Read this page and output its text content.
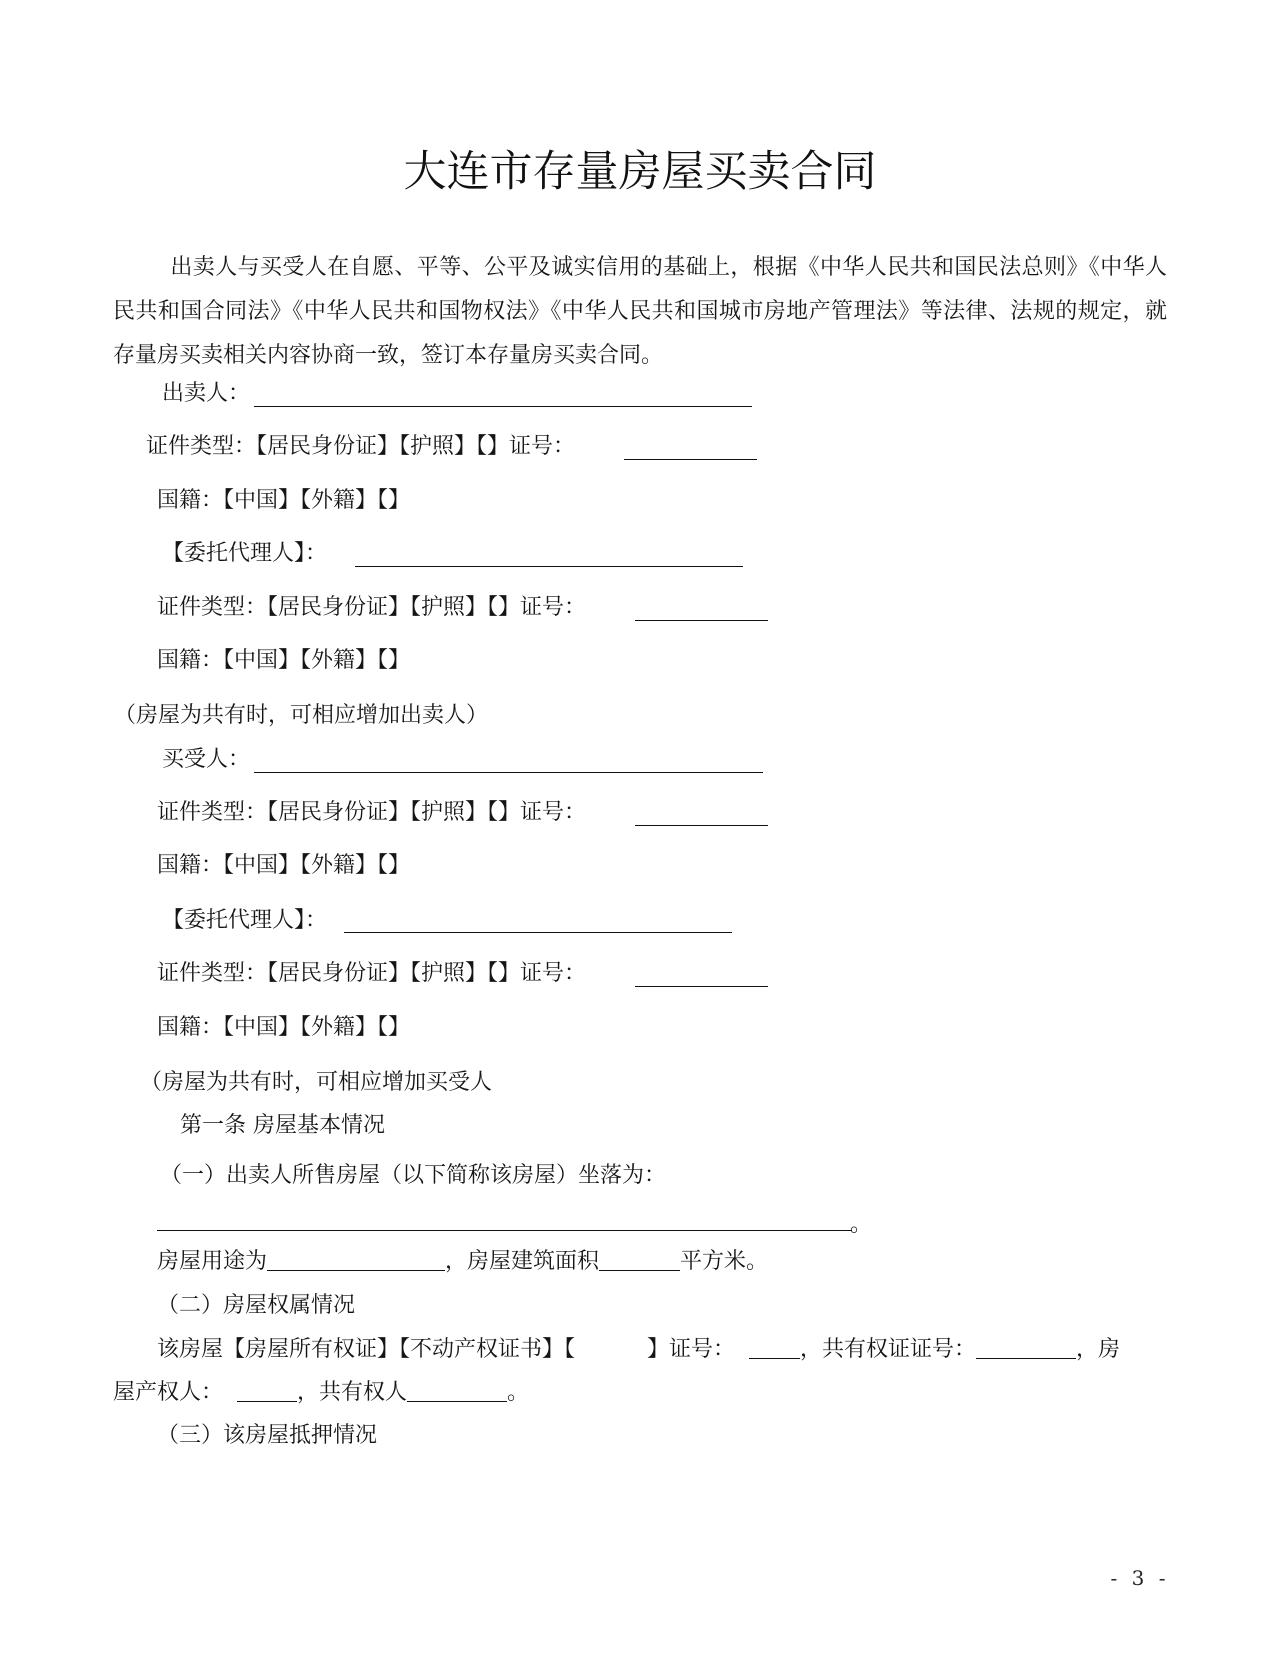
大连市存量房屋买卖合同
出卖人与买受人在自愿、平等、公平及诚实信用的基础上，根据《中华人民共和国民法总则》《中华人民共和国合同法》《中华人民共和国物权法》《中华人民共和国城市房地产管理法》等法律、法规的规定，就存量房买卖相关内容协商一致，签订本存量房买卖合同。
出卖人：
证件类型：【居民身份证】【护照】【】证号：
国籍：【中国】【外籍】【】
【委托代理人】：
证件类型：【居民身份证】【护照】【】证号：
国籍：【中国】【外籍】【】
（房屋为共有时，可相应增加出卖人）
买受人：
证件类型：【居民身份证】【护照】【】证号：
国籍：【中国】【外籍】【】
【委托代理人】：
证件类型：【居民身份证】【护照】【】证号：
国籍：【中国】【外籍】【】
（房屋为共有时，可相应增加买受人
第一条 房屋基本情况
（一）出卖人所售房屋（以下简称该房屋）坐落为：
。
房屋用途为	，房屋建筑面积	平方米。
（二）房屋权属情况
该房屋【房屋所有权证】【不动产权证书】【	】证号：	，共有权证证号：	，房
屋产权人：	，共有权人	。
（三）该房屋抵押情况
- 3 -
